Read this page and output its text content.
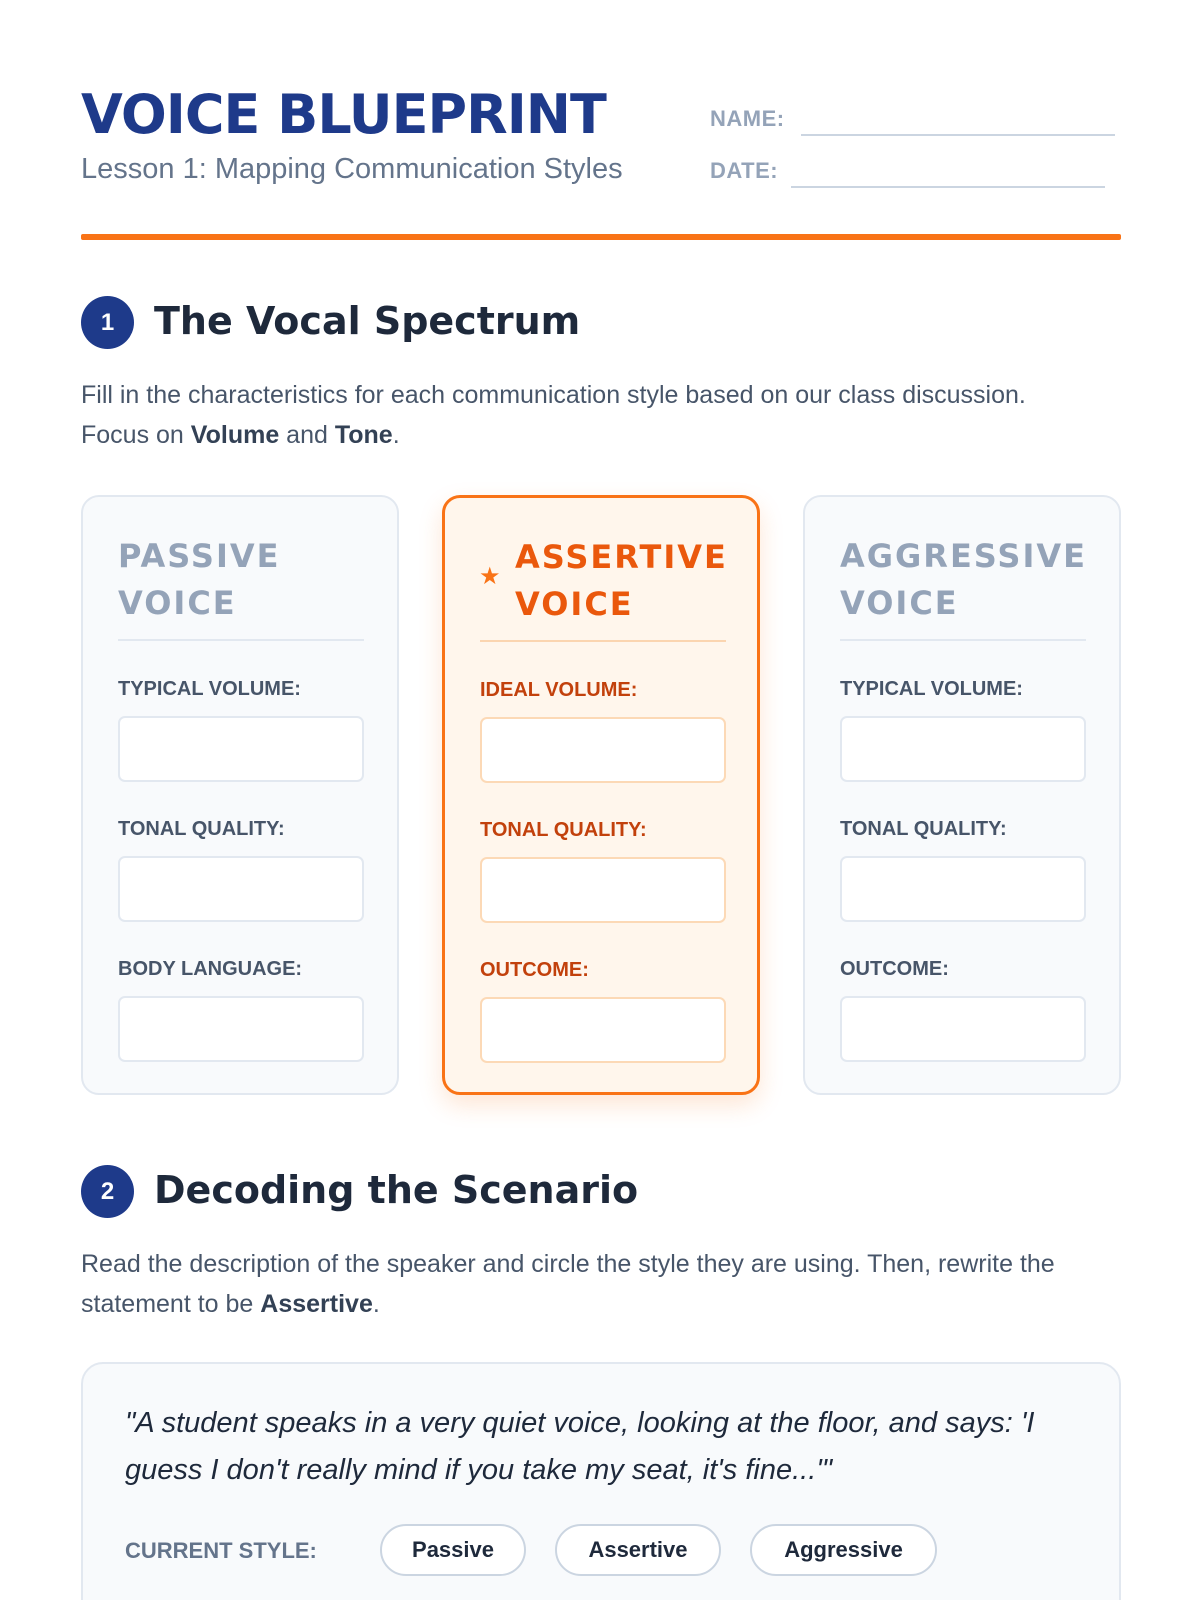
VOICE BLUEPRINT
Lesson 1: Mapping Communication Styles
NAME:
DATE:
1	The Vocal Spectrum
Fill in the characteristics for each communication style based on our class discussion. Focus on Volume and Tone.
PASSIVE VOICE
TYPICAL VOLUME:
TONAL QUALITY:
BODY LANGUAGE:
★
ASSERTIVE VOICE
IDEAL VOLUME:
TONAL QUALITY:
OUTCOME:
AGGRESSIVE VOICE
TYPICAL VOLUME:
TONAL QUALITY:
OUTCOME:
2	Decoding the Scenario
Read the description of the speaker and circle the style they are using. Then, rewrite the statement to be Assertive.
"A student speaks in a very quiet voice, looking at the floor, and says: 'I guess I don't really mind if you take my seat, it's fine...'"
CURRENT STYLE:	Passive	Assertive	Aggressive
